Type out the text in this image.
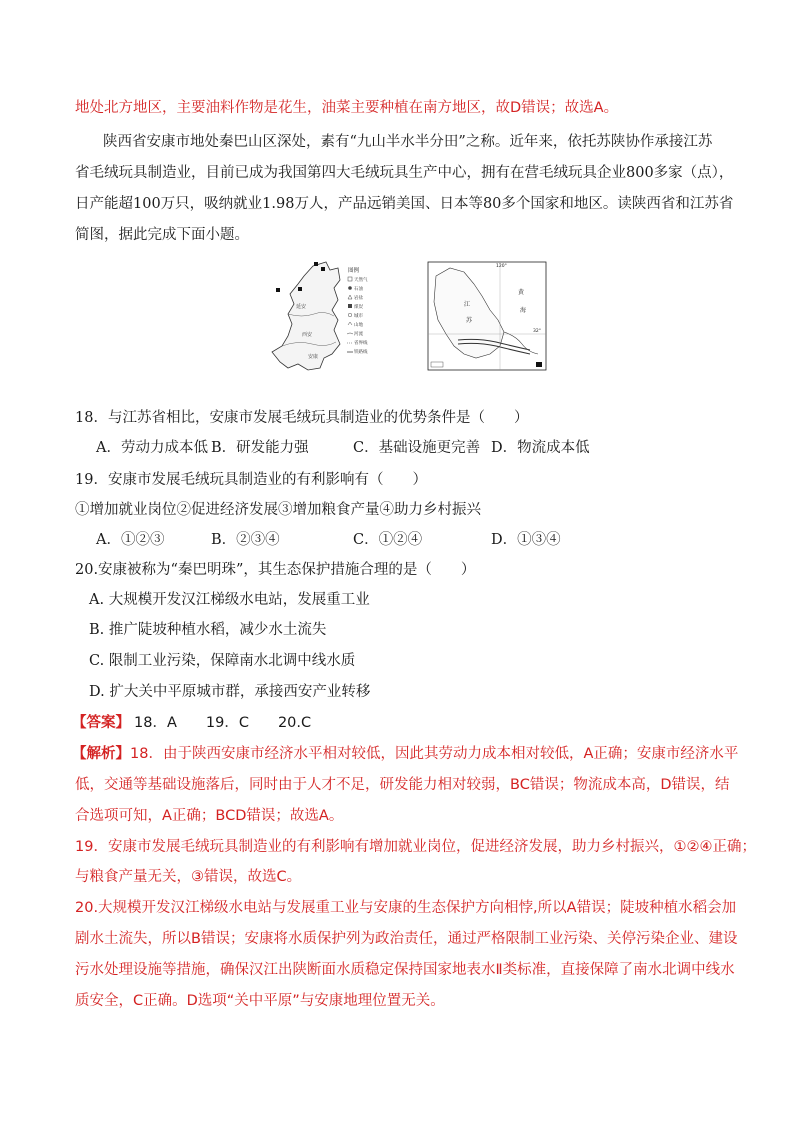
地处北方地区，主要油料作物是花生，油菜主要种植在南方地区，故D错误；故选A。
陕西省安康市地处秦巴山区深处，素有“九山半水半分田”之称。近年来，依托苏陕协作承接江苏
省毛绒玩具制造业，目前已成为我国第四大毛绒玩具生产中心，拥有在营毛绒玩具企业800多家（点），
日产能超100万只，吸纳就业1.98万人，产品远销美国、日本等80多个国家和地区。读陕西省和江苏省
简图，据此完成下面小题。
延安
西安
安康
图例
天然气
石油
岩盐
煤炭
城市
山地
河流
省界线
铁路线
江
苏
黄
海
120°
32°
18．与江苏省相比，安康市发展毛绒玩具制造业的优势条件是（　　）
A．劳动力成本低 B．研发能力强	C．基础设施更完善 D．物流成本低
19．安康市发展毛绒玩具制造业的有利影响有（　　）
①增加就业岗位②促进经济发展③增加粮食产量④助力乡村振兴
A．①②③	B．②③④	C．①②④	D．①③④
20.安康被称为“秦巴明珠”，其生态保护措施合理的是（　　）
A. 大规模开发汉江梯级水电站，发展重工业
B. 推广陡坡种植水稻，减少水土流失
C. 限制工业污染，保障南水北调中线水质
D. 扩大关中平原城市群，承接西安产业转移
【答案】 18．A　　19．C　　20.C
【解析】18．由于陕西安康市经济水平相对较低，因此其劳动力成本相对较低，A正确；安康市经济水平
低，交通等基础设施落后，同时由于人才不足，研发能力相对较弱，BC错误；物流成本高，D错误，结
合选项可知，A正确；BCD错误；故选A。
19．安康市发展毛绒玩具制造业的有利影响有增加就业岗位，促进经济发展，助力乡村振兴，①②④正确；
与粮食产量无关，③错误，故选C。
20.大规模开发汉江梯级水电站与发展重工业与安康的生态保护方向相悖,所以A错误；陡坡种植水稻会加
剧水土流失，所以B错误；安康将水质保护列为政治责任，通过严格限制工业污染、关停污染企业、建设
污水处理设施等措施，确保汉江出陕断面水质稳定保持国家地表水Ⅱ类标准，直接保障了南水北调中线水
质安全，C正确。D选项“关中平原”与安康地理位置无关。
